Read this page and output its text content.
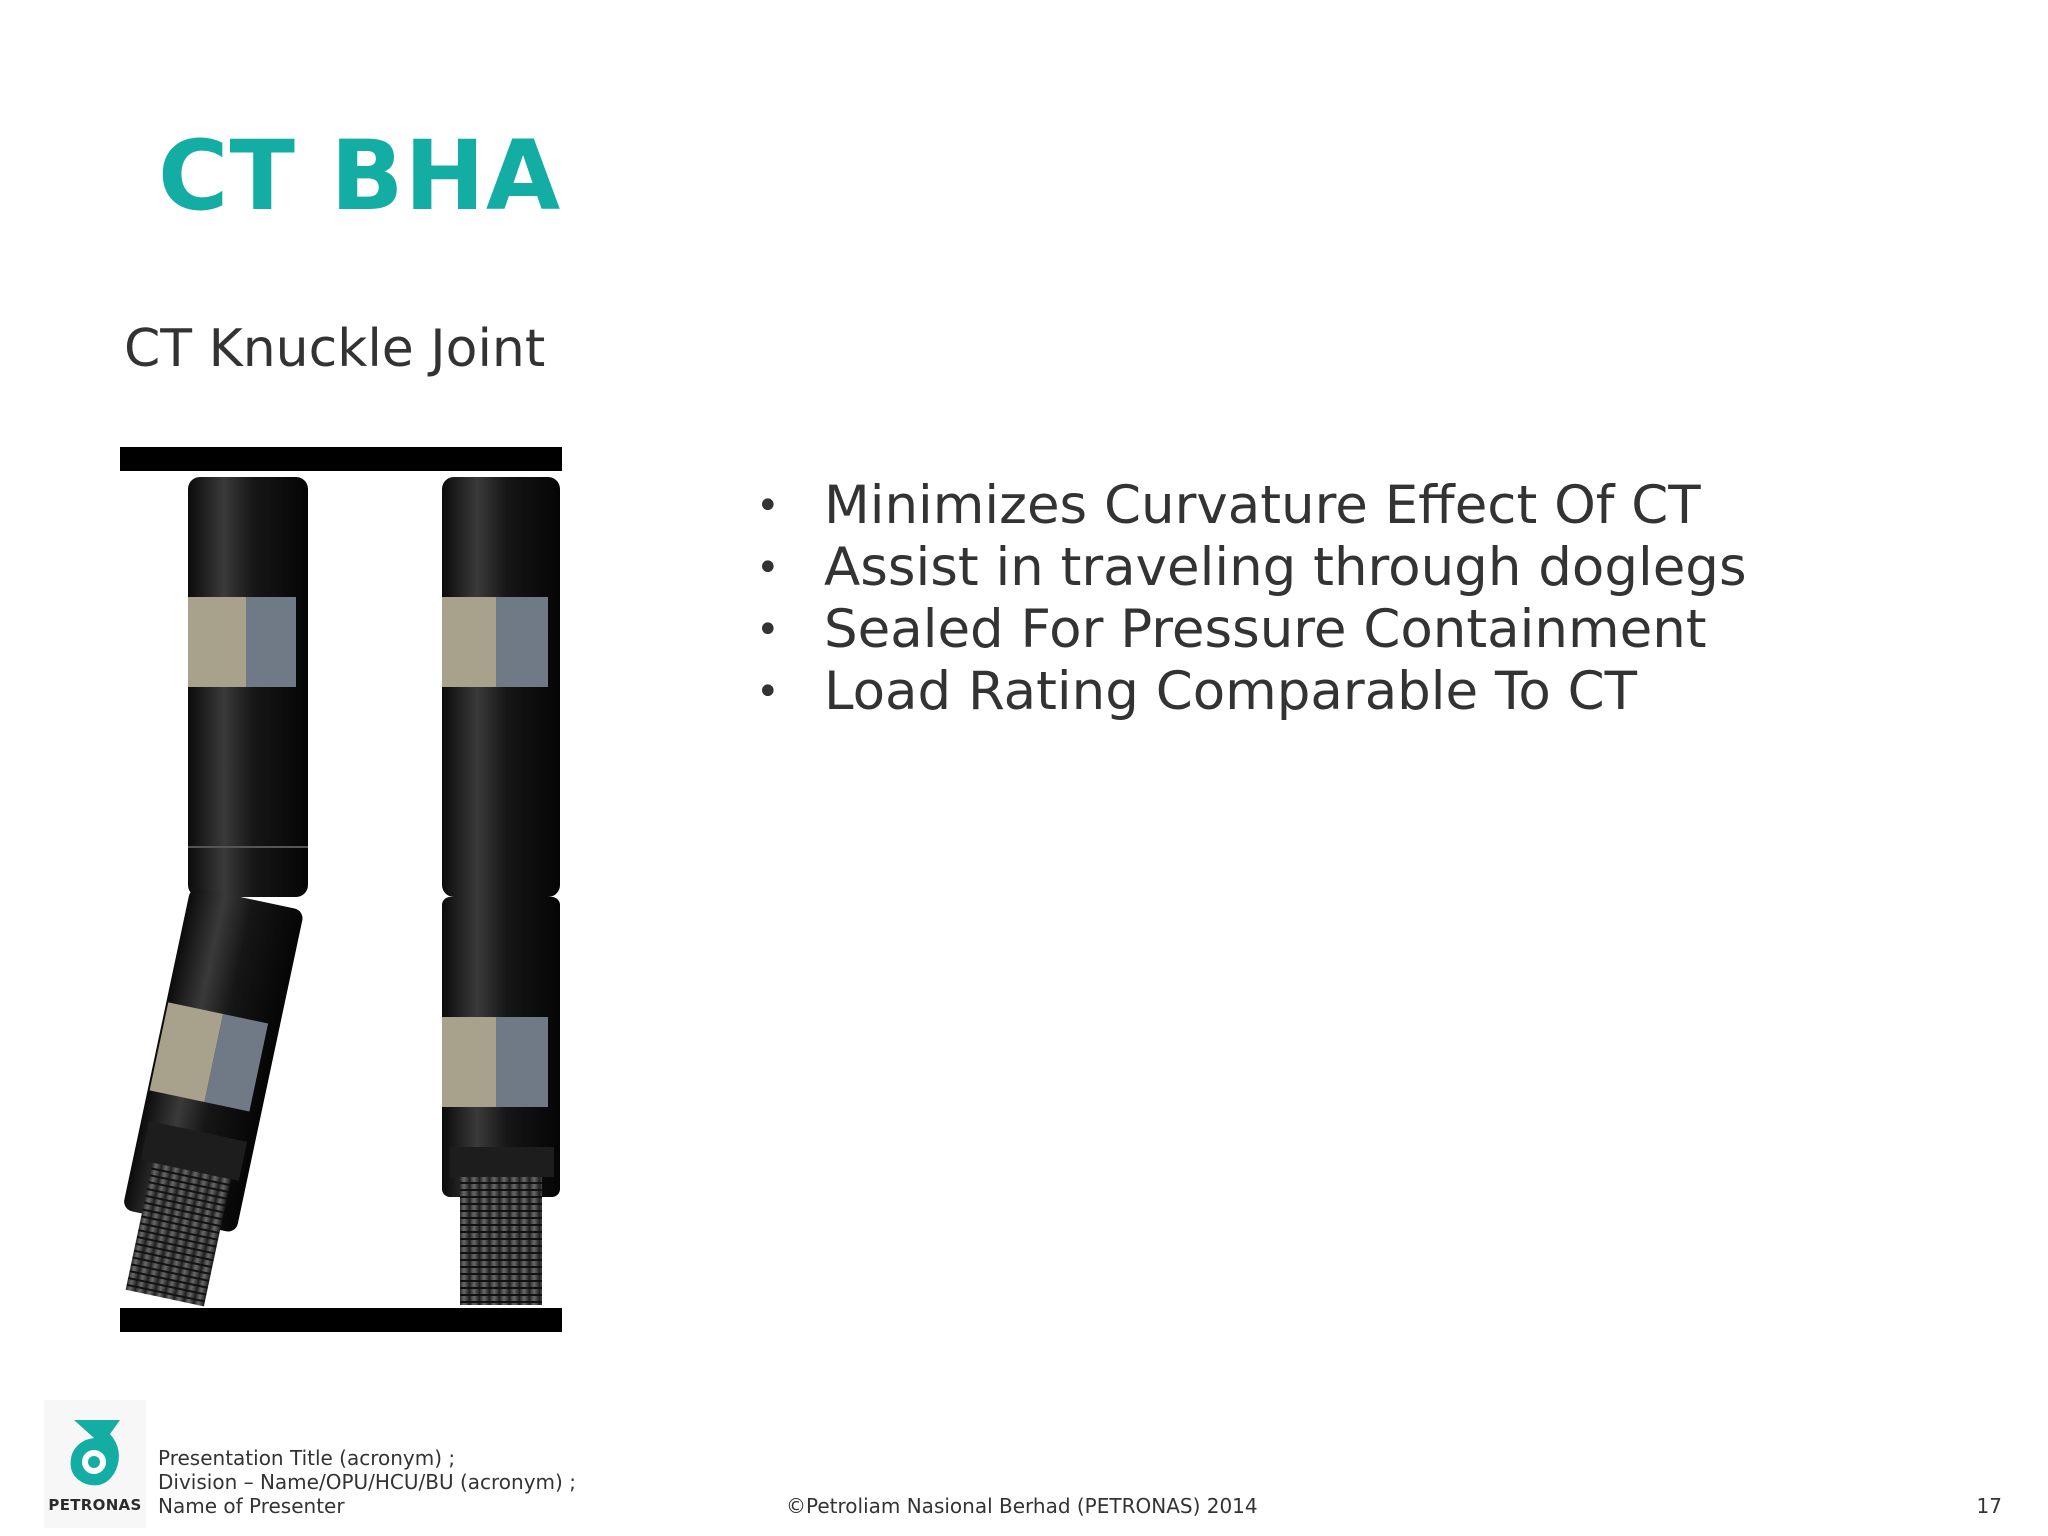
CT BHA
CT Knuckle Joint
• Minimizes Curvature Effect Of CT
• Assist in traveling through doglegs
• Sealed For Pressure Containment
• Load Rating Comparable To CT
PETRONAS
Presentation Title (acronym) ;
Division – Name/OPU/HCU/BU (acronym) ;
Name of Presenter	©Petroliam Nasional Berhad (PETRONAS) 2014	17
